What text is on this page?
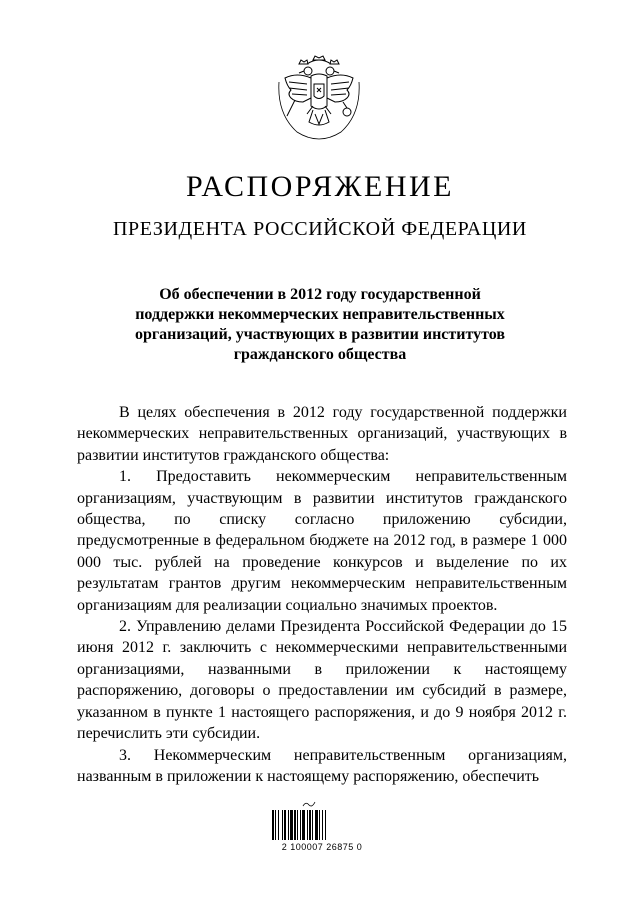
РАСПОРЯЖЕНИЕ
ПРЕЗИДЕНТА РОССИЙСКОЙ ФЕДЕРАЦИИ
Об обеспечении в 2012 году государственной
поддержки некоммерческих неправительственных
организаций, участвующих в развитии институтов
гражданского общества

В целях обеспечения в 2012 году государственной поддержки некоммерческих неправительственных организаций, участвующих в развитии институтов гражданского общества:

1. Предоставить некоммерческим неправительственным организациям, участвующим в развитии институтов гражданского общества, по списку согласно приложению субсидии, предусмотренные в федеральном бюджете на 2012 год, в размере 1 000 000 тыс. рублей на проведение конкурсов и выделение по их результатам грантов другим некоммерческим неправительственным организациям для реализации социально значимых проектов.

2. Управлению делами Президента Российской Федерации до 15 июня 2012 г. заключить с некоммерческими неправительственными организациями, названными в приложении к настоящему распоряжению, договоры о предоставлении им субсидий в размере, указанном в пункте 1 настоящего распоряжения, и до 9 ноября 2012 г. перечислить эти субсидии.

3. Некоммерческим неправительственным организациям, названным в приложении к настоящему распоряжению, обеспечить

2 100007 26875 0
